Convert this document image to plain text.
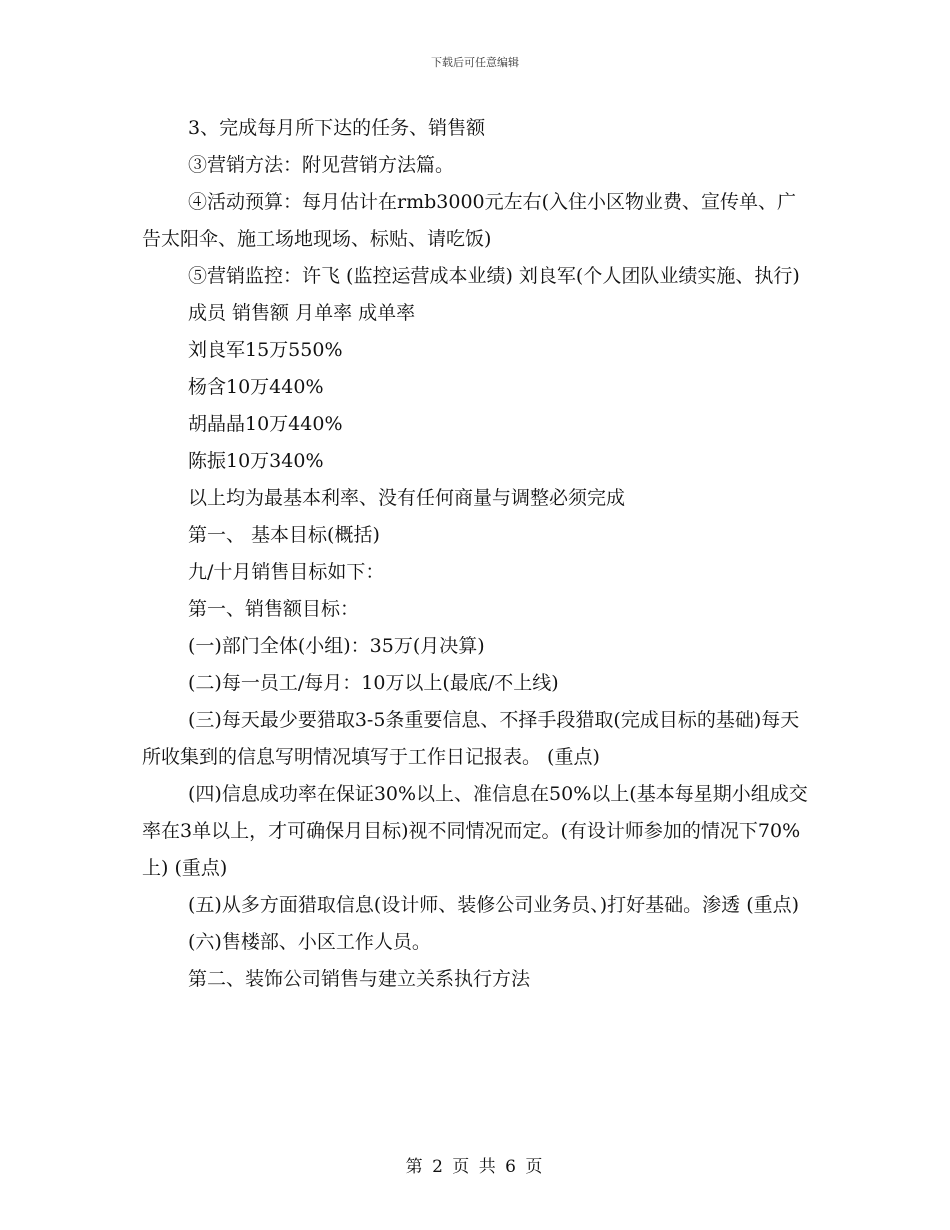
下载后可任意编辑

3、完成每月所下达的任务、销售额

③营销方法：附见营销方法篇。

④活动预算：每月估计在rmb3000元左右(入住小区物业费、宣传单、广告太阳伞、施工场地现场、标贴、请吃饭)

⑤营销监控：许飞 (监控运营成本业绩) 刘良军(个人团队业绩实施、执行)

成员 销售额 月单率 成单率

刘良军15万550%

杨含10万440%

胡晶晶10万440%

陈振10万340%

以上均为最基本利率、没有任何商量与调整必须完成

第一、 基本目标(概括)

九/十月销售目标如下：

第一、销售额目标：

(一)部门全体(小组)：35万(月决算)

(二)每一员工/每月：10万以上(最底/不上线)

(三)每天最少要猎取3-5条重要信息、不择手段猎取(完成目标的基础)每天所收集到的信息写明情况填写于工作日记报表。 (重点)

(四)信息成功率在保证30%以上、准信息在50%以上(基本每星期小组成交率在3单以上，才可确保月目标)视不同情况而定。(有设计师参加的情况下70%上) (重点)

(五)从多方面猎取信息(设计师、装修公司业务员、)打好基础。渗透 (重点)

(六)售楼部、小区工作人员。

第二、装饰公司销售与建立关系执行方法

第 2 页 共 6 页
